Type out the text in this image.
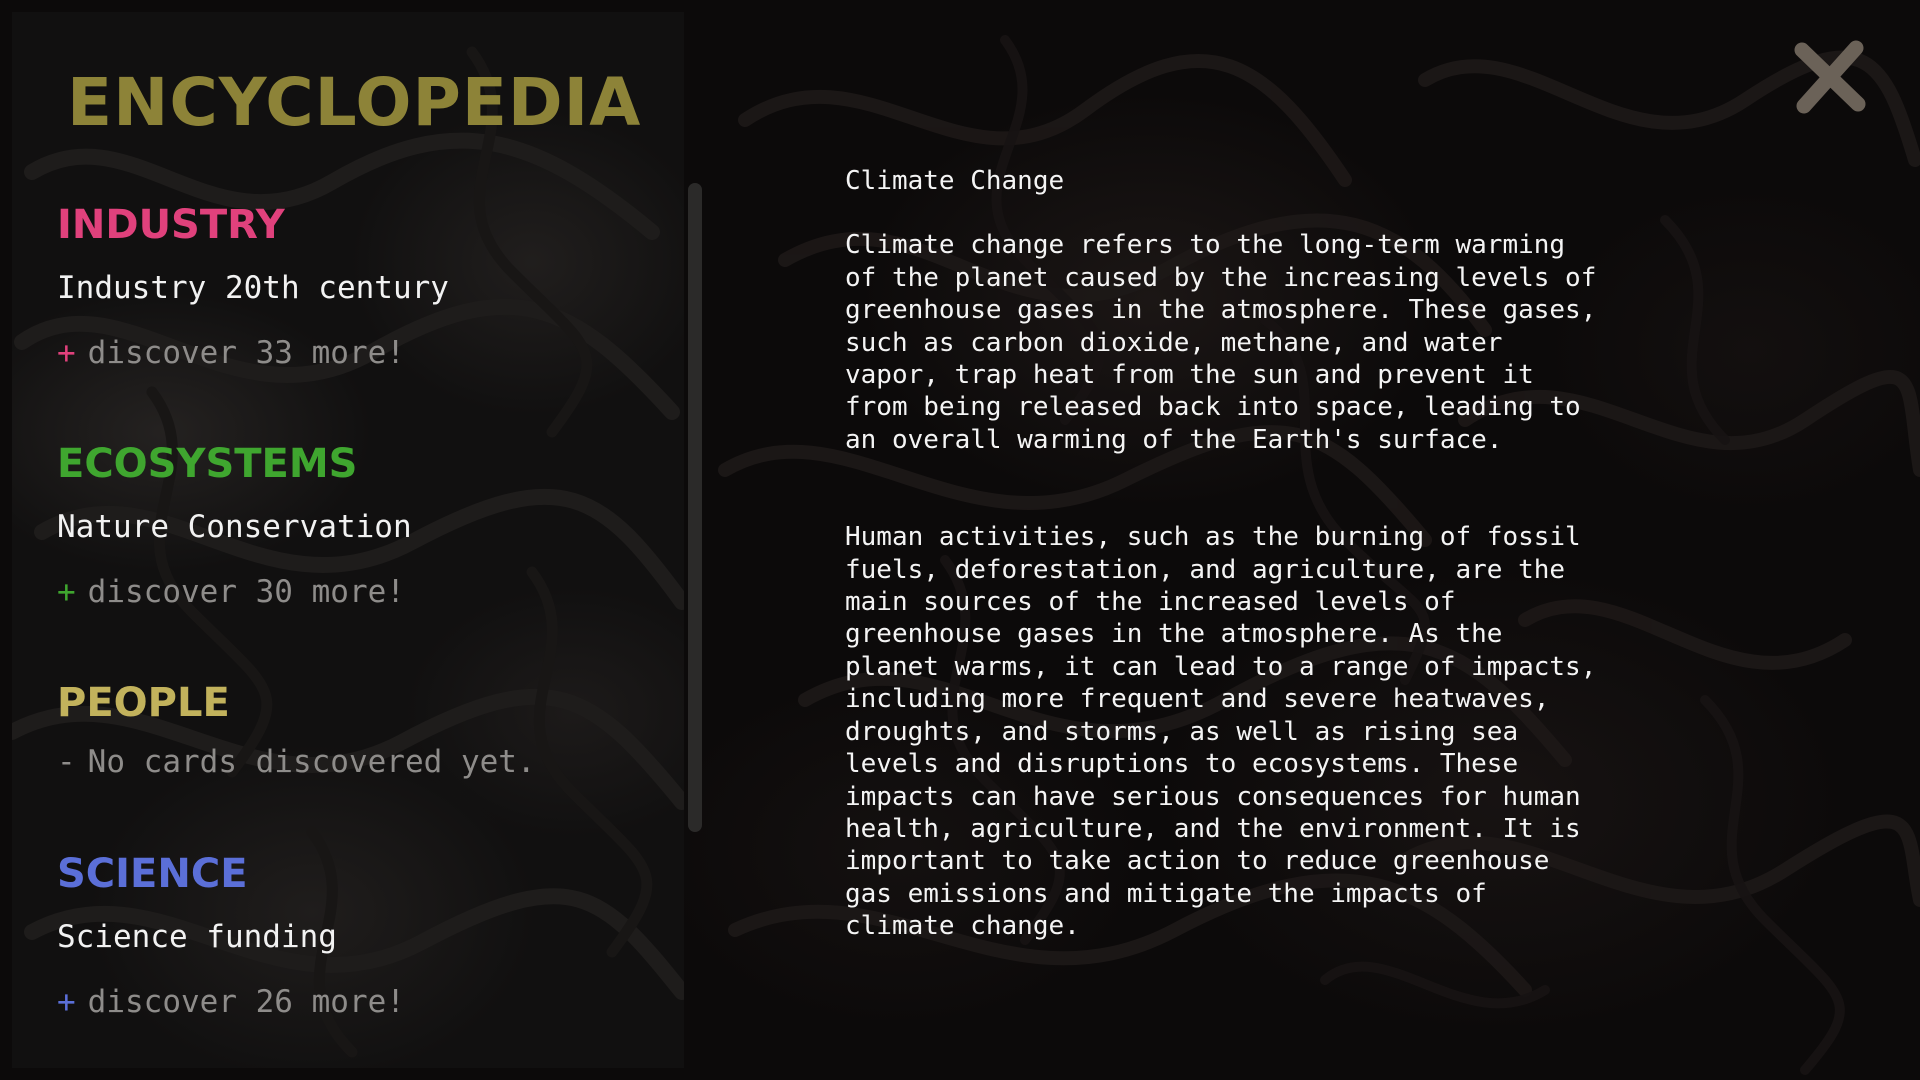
ENCYCLOPEDIA
INDUSTRY
Industry 20th century
+ discover 33 more!
ECOSYSTEMS
Nature Conservation
+ discover 30 more!
PEOPLE
- No cards discovered yet.
SCIENCE
Science funding
+ discover 26 more!
Climate Change

Climate change refers to the long-term warming
of the planet caused by the increasing levels of
greenhouse gases in the atmosphere. These gases,
such as carbon dioxide, methane, and water
vapor, trap heat from the sun and prevent it
from being released back into space, leading to
an overall warming of the Earth's surface.

Human activities, such as the burning of fossil
fuels, deforestation, and agriculture, are the
main sources of the increased levels of
greenhouse gases in the atmosphere. As the
planet warms, it can lead to a range of impacts,
including more frequent and severe heatwaves,
droughts, and storms, as well as rising sea
levels and disruptions to ecosystems. These
impacts can have serious consequences for human
health, agriculture, and the environment. It is
important to take action to reduce greenhouse
gas emissions and mitigate the impacts of
climate change.
